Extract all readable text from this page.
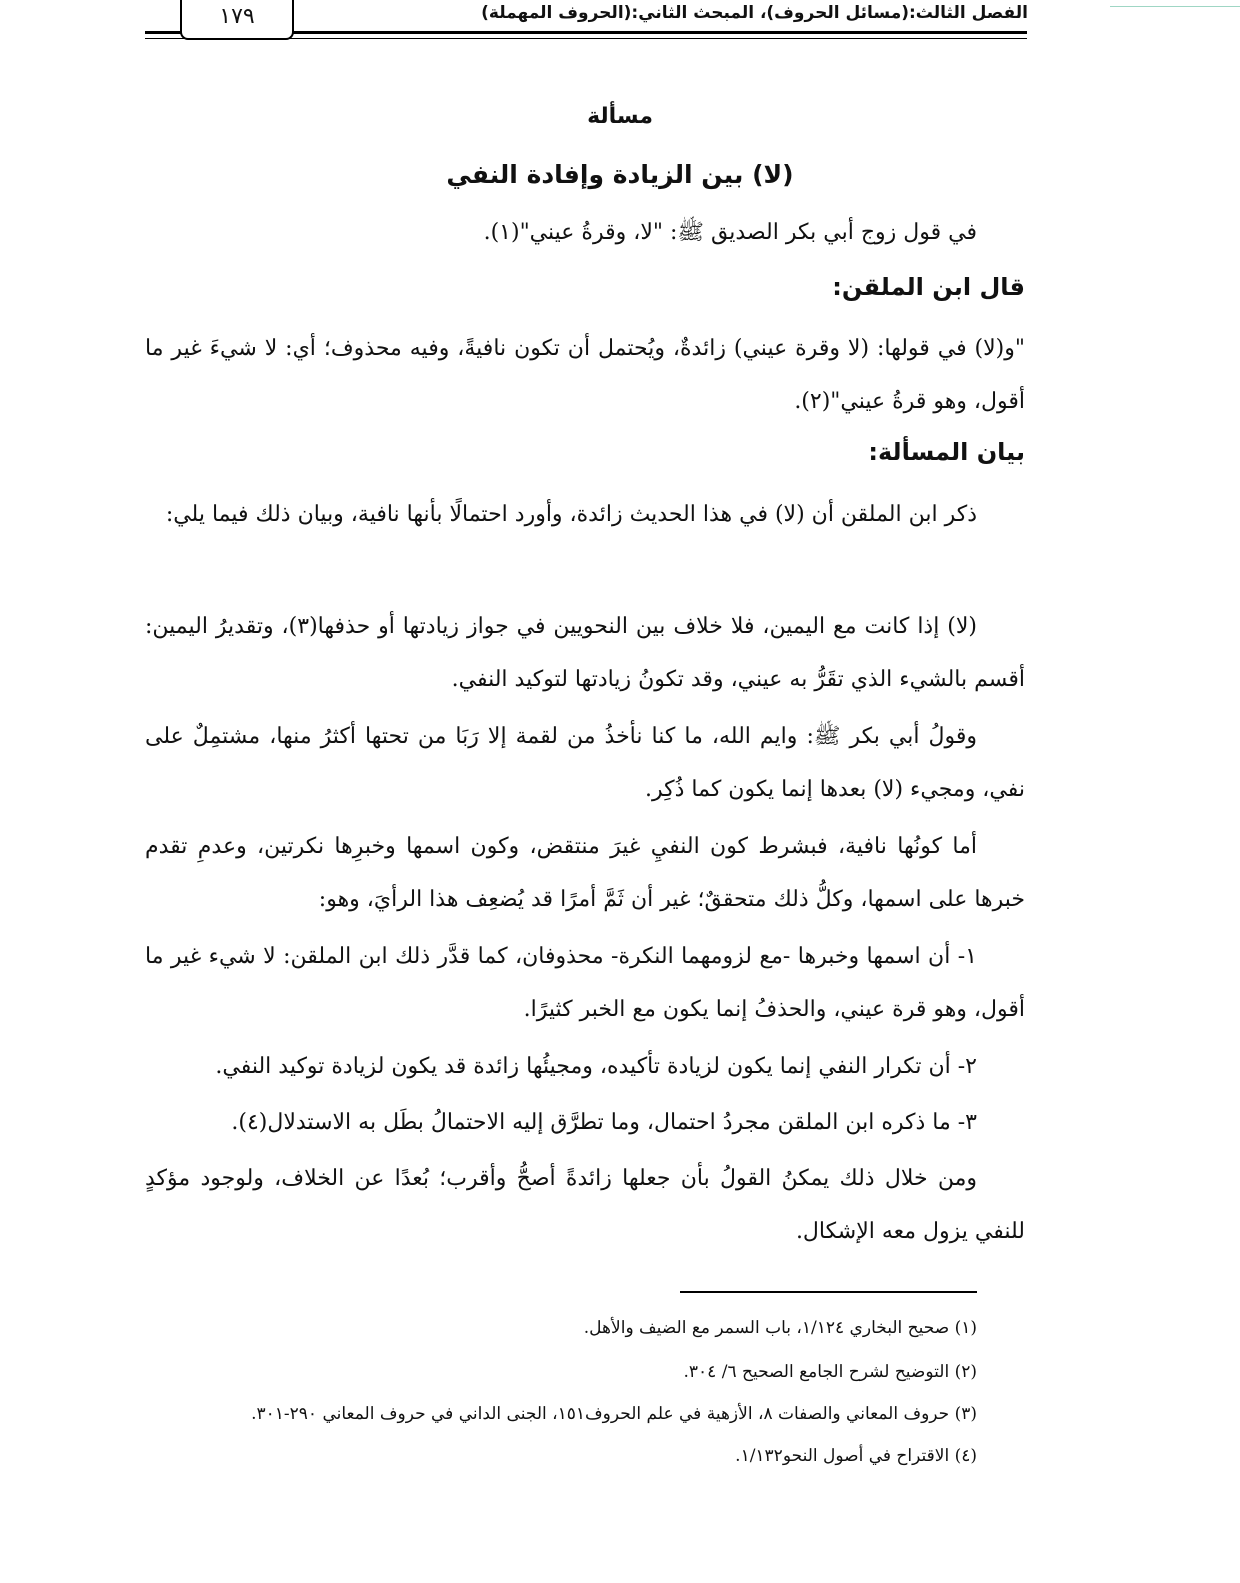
الفصل الثالث:(مسائل الحروف)، المبحث الثاني:(الحروف المهملة)
١٧٩
مسألة
(لا) بين الزيادة وإفادة النفي
في قول زوج أبي بكر الصديق ﷺ: "لا، وقرةُ عيني"(١).
قال ابن الملقن:
"و(لا) في قولها: (لا وقرة عيني) زائدةٌ، ويُحتمل أن تكون نافيةً، وفيه محذوف؛ أي: لا شيءَ غير ما أقول، وهو قرةُ عيني"(٢).
بيان المسألة:
ذكر ابن الملقن أن (لا) في هذا الحديث زائدة، وأورد احتمالًا بأنها نافية، وبيان ذلك فيما يلي:
(لا) إذا كانت مع اليمين، فلا خلاف بين النحويين في جواز زيادتها أو حذفها(٣)، وتقديرُ اليمين: أقسم بالشيء الذي تقَرُّ به عيني، وقد تكونُ زيادتها لتوكيد النفي.
وقولُ أبي بكر ﷺ: وايم الله، ما كنا نأخذُ من لقمة إلا رَبَا من تحتها أكثرُ منها، مشتمِلٌ على نفي، ومجيء (لا) بعدها إنما يكون كما ذُكِر.
أما كونُها نافية، فبشرط كون النفيِ غيرَ منتقض، وكون اسمها وخبرِها نكرتين، وعدمِ تقدم خبرها على اسمها، وكلُّ ذلك متحققٌ؛ غير أن ثَمَّ أمرًا قد يُضعِف هذا الرأيَ، وهو:
١- أن اسمها وخبرها -مع لزومهما النكرة- محذوفان، كما قدَّر ذلك ابن الملقن: لا شيء غير ما أقول، وهو قرة عيني، والحذفُ إنما يكون مع الخبر كثيرًا.
٢- أن تكرار النفي إنما يكون لزيادة تأكيده، ومجيئُها زائدة قد يكون لزيادة توكيد النفي.
٣- ما ذكره ابن الملقن مجردُ احتمال، وما تطرَّق إليه الاحتمالُ بطَل به الاستدلال(٤).
ومن خلال ذلك يمكنُ القولُ بأن جعلها زائدةً أصحُّ وأقرب؛ بُعدًا عن الخلاف، ولوجود مؤكدٍ للنفي يزول معه الإشكال.
(١) صحيح البخاري ١/١٢٤، باب السمر مع الضيف والأهل.
(٢) التوضيح لشرح الجامع الصحيح ٦/ ٣٠٤.
(٣) حروف المعاني والصفات ٨، الأزهية في علم الحروف١٥١، الجنى الداني في حروف المعاني ٢٩٠-٣٠١.
(٤) الاقتراح في أصول النحو١/١٣٢.
